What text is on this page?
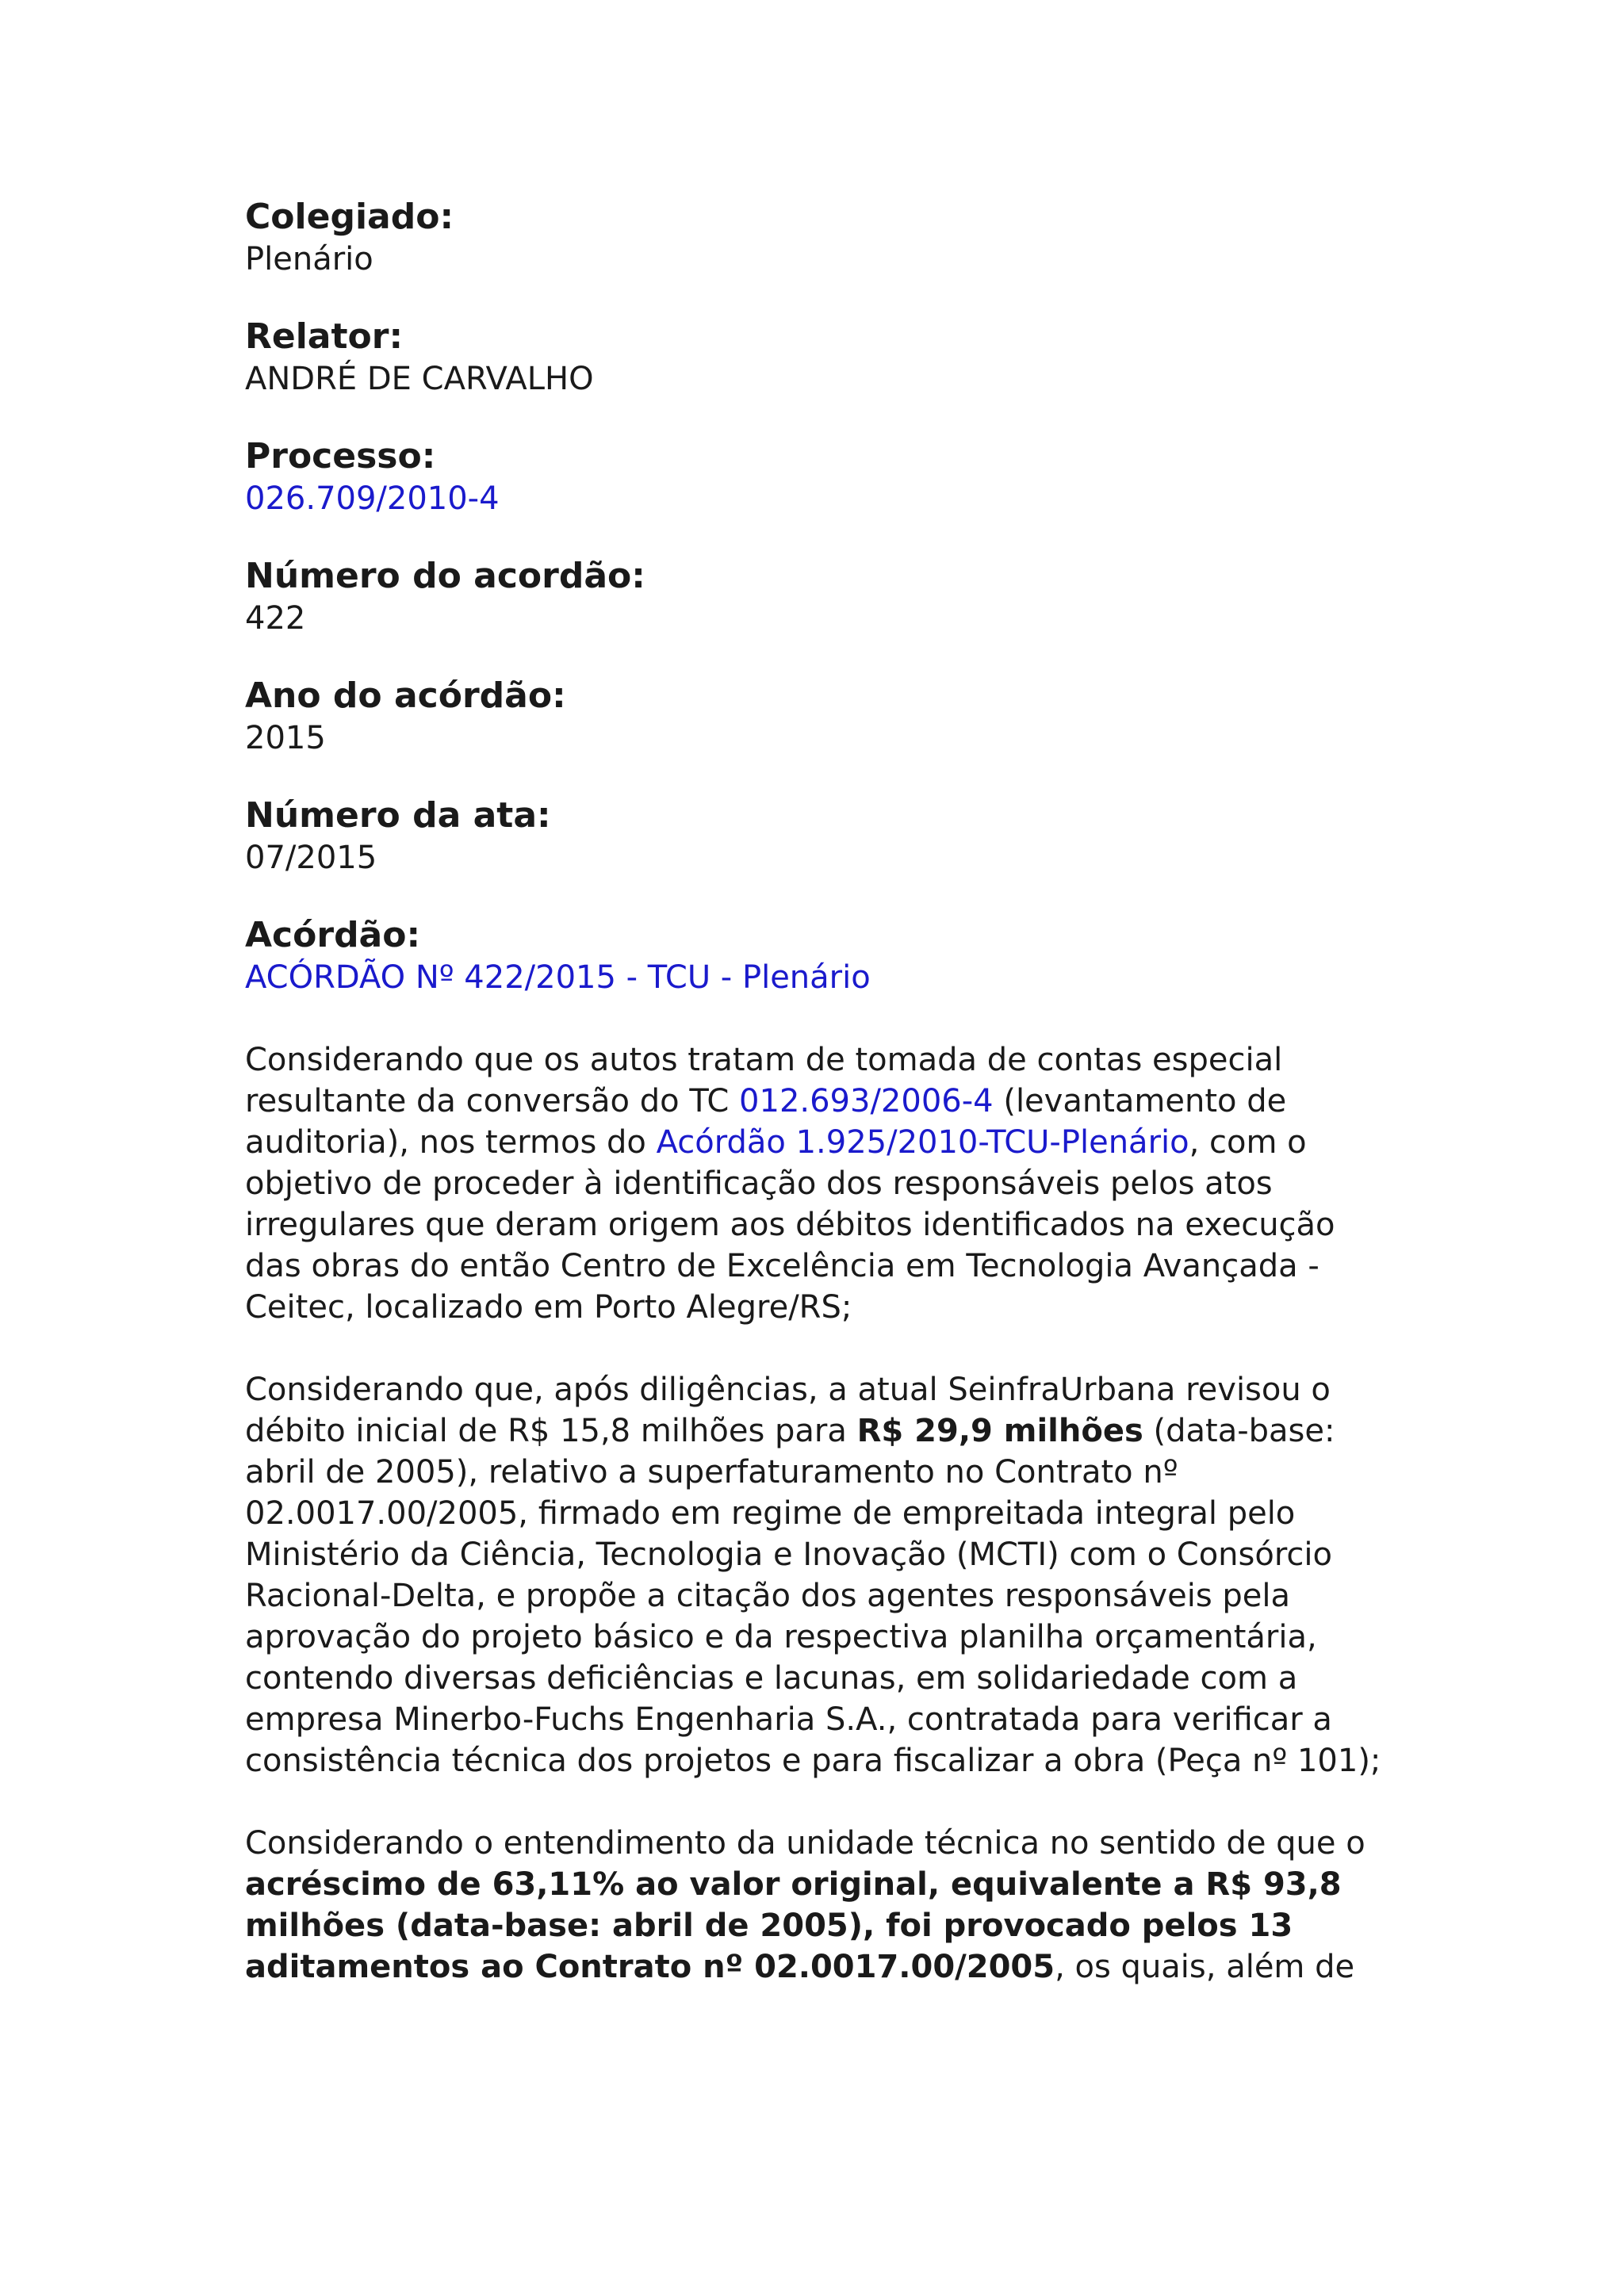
Colegiado:
Plenário
Relator:
ANDRÉ DE CARVALHO
Processo:
026.709/2010-4
Número do acordão:
422
Ano do acórdão:
2015
Número da ata:
07/2015
Acórdão:
ACÓRDÃO Nº 422/2015 - TCU - Plenário

Considerando que os autos tratam de tomada de contas especial resultante da conversão do TC 012.693/2006-4 (levantamento de auditoria), nos termos do Acórdão 1.925/2010-TCU-Plenário, com o objetivo de proceder à identificação dos responsáveis pelos atos irregulares que deram origem aos débitos identificados na execução das obras do então Centro de Excelência em Tecnologia Avançada - Ceitec, localizado em Porto Alegre/RS;

Considerando que, após diligências, a atual SeinfraUrbana revisou o débito inicial de R$ 15,8 milhões para R$ 29,9 milhões (data-base: abril de 2005), relativo a superfaturamento no Contrato nº 02.0017.00/2005, firmado em regime de empreitada integral pelo Ministério da Ciência, Tecnologia e Inovação (MCTI) com o Consórcio Racional-Delta, e propõe a citação dos agentes responsáveis pela aprovação do projeto básico e da respectiva planilha orçamentária, contendo diversas deficiências e lacunas, em solidariedade com a empresa Minerbo-Fuchs Engenharia S.A., contratada para verificar a consistência técnica dos projetos e para fiscalizar a obra (Peça nº 101);

Considerando o entendimento da unidade técnica no sentido de que o acréscimo de 63,11% ao valor original, equivalente a R$ 93,8 milhões (data-base: abril de 2005), foi provocado pelos 13 aditamentos ao Contrato nº 02.0017.00/2005, os quais, além de
